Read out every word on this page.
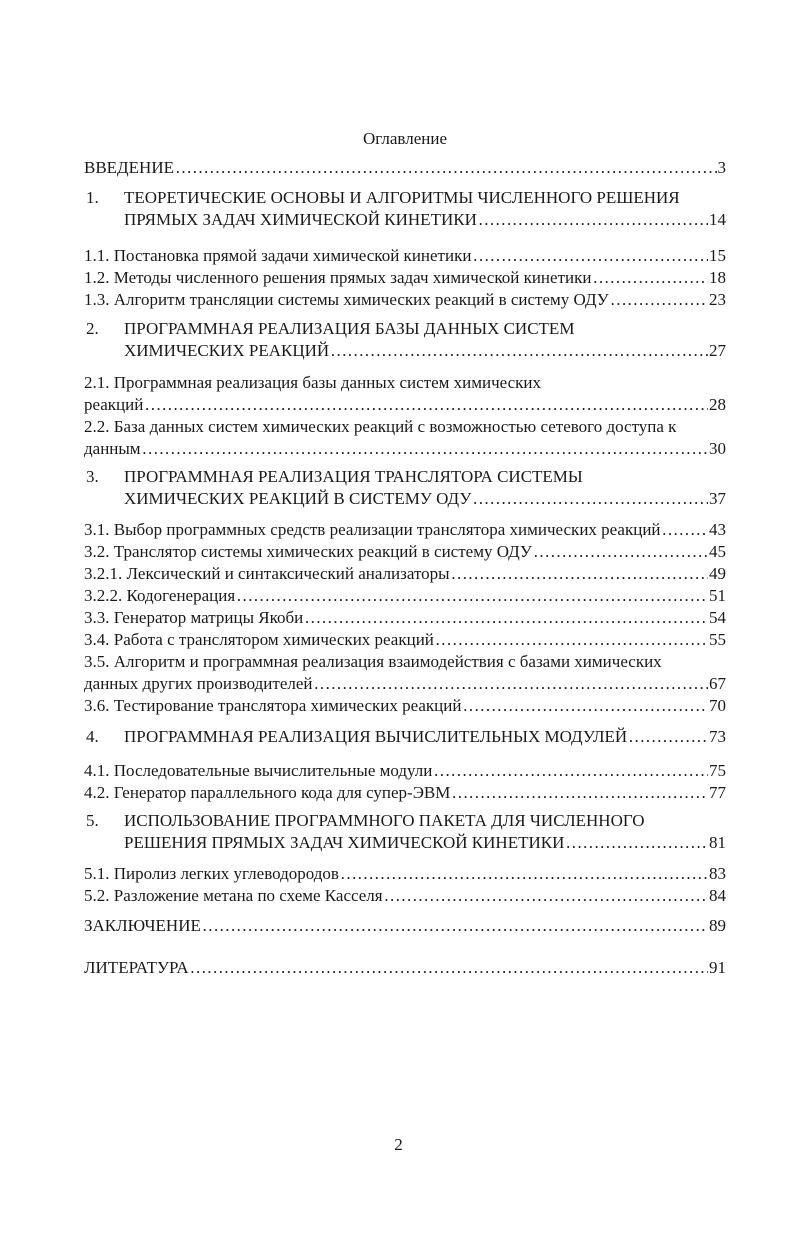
Оглавление
ВВЕДЕНИЕ ……………………………………………………………………………………………………………………………………………………………………………………	3
1. ТЕОРЕТИЧЕСКИЕ ОСНОВЫ И АЛГОРИТМЫ ЧИСЛЕННОГО РЕШЕНИЯ
ПРЯМЫХ ЗАДАЧ ХИМИЧЕСКОЙ КИНЕТИКИ ……………………………………………………………………………………………………………………………………………………………………………………	14
1.1. Постановка прямой задачи химической кинетики ……………………………………………………………………………………………………………………………………………………………………………………	15
1.2. Методы численного решения прямых задач химической кинетики ……………………………………………………………………………………………………………………………………………………………………………………	18
1.3. Алгоритм трансляции системы химических реакций в систему ОДУ ……………………………………………………………………………………………………………………………………………………………………………………	23
2. ПРОГРАММНАЯ РЕАЛИЗАЦИЯ БАЗЫ ДАННЫХ СИСТЕМ
ХИМИЧЕСКИХ РЕАКЦИЙ ……………………………………………………………………………………………………………………………………………………………………………………	27
2.1. Программная реализация базы данных систем химических
реакций ……………………………………………………………………………………………………………………………………………………………………………………	28
2.2. База данных систем химических реакций с возможностью сетевого доступа к
данным ……………………………………………………………………………………………………………………………………………………………………………………	30
3. ПРОГРАММНАЯ РЕАЛИЗАЦИЯ ТРАНСЛЯТОРА СИСТЕМЫ
ХИМИЧЕСКИХ РЕАКЦИЙ В СИСТЕМУ ОДУ ……………………………………………………………………………………………………………………………………………………………………………………	37
3.1. Выбор программных средств реализации транслятора химических реакций ……………………………………………………………………………………………………………………………………………………………………………………	43
3.2. Транслятор системы химических реакций в систему ОДУ ……………………………………………………………………………………………………………………………………………………………………………………	45
3.2.1. Лексический и синтаксический анализаторы ……………………………………………………………………………………………………………………………………………………………………………………	49
3.2.2. Кодогенерация ……………………………………………………………………………………………………………………………………………………………………………………	51
3.3. Генератор матрицы Якоби ……………………………………………………………………………………………………………………………………………………………………………………	54
3.4. Работа с транслятором химических реакций ……………………………………………………………………………………………………………………………………………………………………………………	55
3.5. Алгоритм и программная реализация взаимодействия с базами химических
данных других производителей ……………………………………………………………………………………………………………………………………………………………………………………	67
3.6. Тестирование транслятора химических реакций ……………………………………………………………………………………………………………………………………………………………………………………	70
4. ПРОГРАММНАЯ РЕАЛИЗАЦИЯ ВЫЧИСЛИТЕЛЬНЫХ МОДУЛЕЙ ……………………………………………………………………………………………………………………………………………………………………………………	73
4.1. Последовательные вычислительные модули ……………………………………………………………………………………………………………………………………………………………………………………	75
4.2. Генератор параллельного кода для супер-ЭВМ ……………………………………………………………………………………………………………………………………………………………………………………	77
5. ИСПОЛЬЗОВАНИЕ ПРОГРАММНОГО ПАКЕТА ДЛЯ ЧИСЛЕННОГО
РЕШЕНИЯ ПРЯМЫХ ЗАДАЧ ХИМИЧЕСКОЙ КИНЕТИКИ ……………………………………………………………………………………………………………………………………………………………………………………	81
5.1. Пиролиз легких углеводородов ……………………………………………………………………………………………………………………………………………………………………………………	83
5.2. Разложение метана по схеме Касселя ……………………………………………………………………………………………………………………………………………………………………………………	84
ЗАКЛЮЧЕНИЕ ……………………………………………………………………………………………………………………………………………………………………………………	89
ЛИТЕРАТУРА ……………………………………………………………………………………………………………………………………………………………………………………	91
2
